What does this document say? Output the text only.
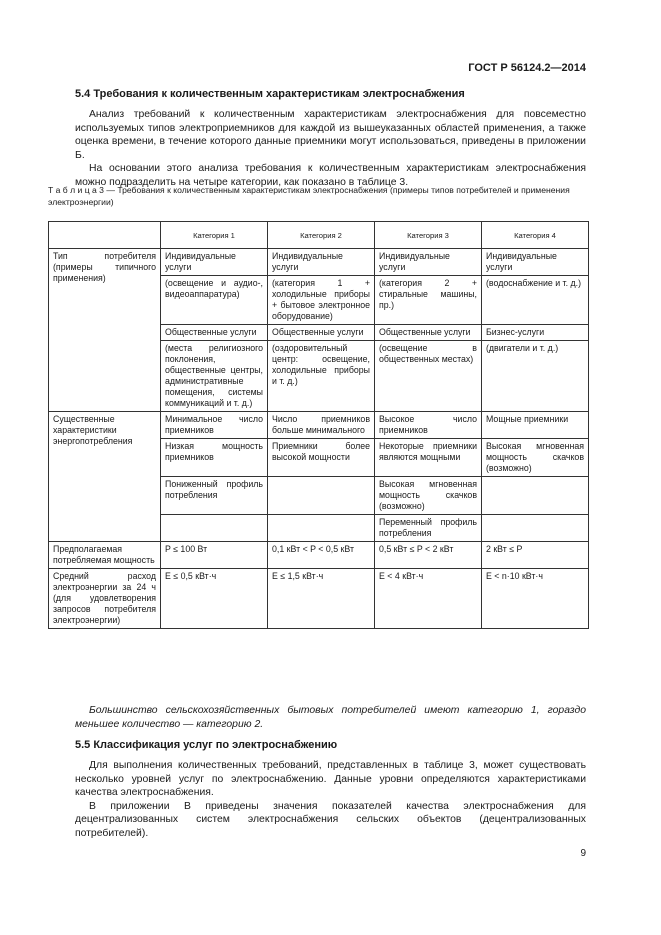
ГОСТ Р 56124.2—2014
5.4 Требования к количественным характеристикам электроснабжения

Анализ требований к количественным характеристикам электроснабжения для повсеместно используемых типов электроприемников для каждой из вышеуказанных областей применения, а также оценка времени, в течение которого данные приемники могут использоваться, приведены в приложении Б.

На основании этого анализа требования к количественным характеристикам электроснабжения можно подразделить на четыре категории, как показано в таблице 3.

Т а б л и ц а 3 — Требования к количественным характеристикам электроснабжения (примеры типов потребителей и применения электроэнергии)
	Категория 1	Категория 2	Категория 3	Категория 4
Тип потребителя (примеры типичного применения)	Индивидуальные услуги	Индивидуальные услуги	Индивидуальные услуги	Индивидуальные услуги
	(освещение и аудио-, видеоаппаратура)	(категория 1 + холодильные приборы + бытовое электронное оборудование)	(категория 2 + стиральные машины, пр.)	(водоснабжение и т. д.)
	Общественные услуги	Общественные услуги	Общественные услуги	Бизнес-услуги
	(места религиозного поклонения, общественные центры, административные помещения, системы коммуникаций и т. д.)	(оздоровительный центр: освещение, холодильные приборы и т. д.)	(освещение в общественных местах)	(двигатели и т. д.)
Существенные характеристики энергопотребления	Минимальное число приемников	Число приемников больше минимального	Высокое число приемников	Мощные приемники
	Низкая мощность приемников	Приемники более высокой мощности	Некоторые приемники являются мощными	Высокая мгновенная мощность скачков (возможно)
	Пониженный профиль потребления		Высокая мгновенная мощность скачков (возможно)	
			Переменный профиль потребления	
Предполагаемая потребляемая мощность	P ≤ 100 Вт	0,1 кВт < P < 0,5 кВт	0,5 кВт ≤ P < 2 кВт	2 кВт ≤ P
Средний расход электроэнергии за 24 ч (для удовлетворения запросов потребителя электроэнергии)	E ≤ 0,5 кВт·ч	E ≤ 1,5 кВт·ч	E < 4 кВт·ч	E < n·10 кВт·ч
Большинство сельскохозяйственных бытовых потребителей имеют категорию 1, гораздо меньшее количество — категорию 2.
5.5 Классификация услуг по электроснабжению

Для выполнения количественных требований, представленных в таблице 3, может существовать несколько уровней услуг по электроснабжению. Данные уровни определяются характеристиками качества электроснабжения.

В приложении В приведены значения показателей качества электроснабжения для децентрализованных систем электроснабжения сельских объектов (децентрализованных потребителей).

9
